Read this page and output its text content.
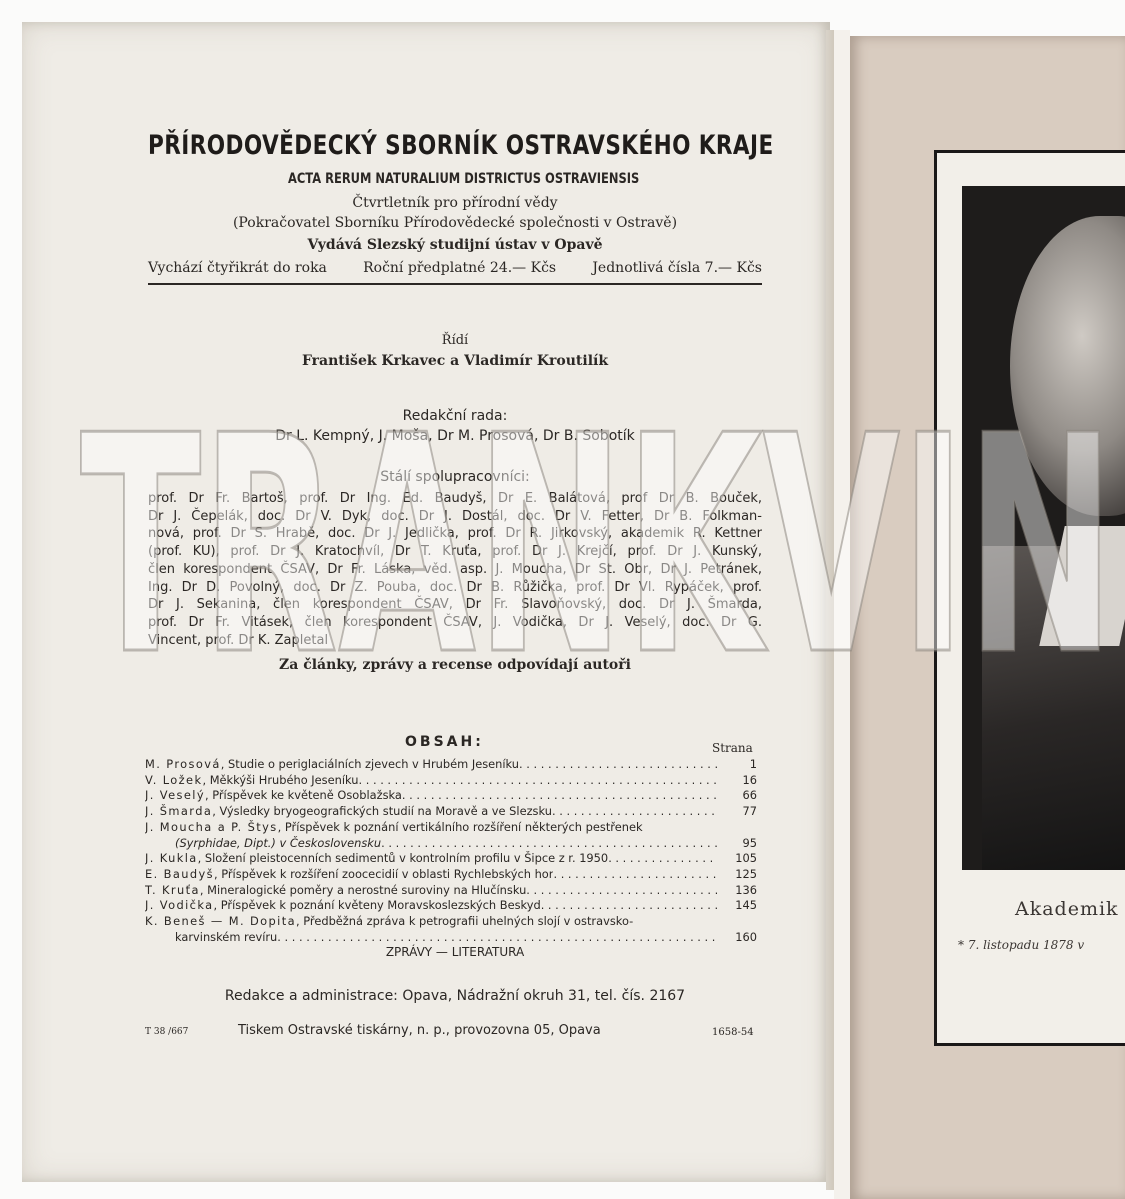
Akademik
* 7. listopadu 1878 v
PŘÍRODOVĚDECKÝ SBORNÍK OSTRAVSKÉHO KRAJE
ACTA RERUM NATURALIUM DISTRICTUS OSTRAVIENSIS
Čtvrtletník pro přírodní vědy
(Pokračovatel Sborníku Přírodovědecké společnosti v Ostravě)
Vydává Slezský studijní ústav v Opavě
Vychází čtyřikrát do roka	Roční předplatné 24.— Kčs	Jednotlivá čísla 7.— Kčs
Řídí
František Krkavec a Vladimír Kroutilík
Redakční rada:
Dr L. Kempný, J. Moša, Dr M. Prosová, Dr B. Sobotík
Stálí spolupracovníci:
prof. Dr Fr. Bartoš, prof. Dr Ing. Ed. Baudyš, Dr E. Balátová, prof Dr B. Bouček,
Dr J. Čepelák, doc. Dr V. Dyk, doc. Dr J. Dostál, doc. Dr V. Fetter, Dr B. Folkman-
nová, prof. Dr S. Hrabě, doc. Dr J. Jedlička, prof. Dr R. Jirkovský, akademik R. Kettner
(prof. KU), prof. Dr J. Kratochvíl, Dr T. Kruťa, prof. Dr J. Krejčí, prof. Dr J. Kunský,
člen korespondent ČSAV, Dr Fr. Láska, věd. asp. J. Moucha, Dr St. Obr, Dr J. Petránek,
Ing. Dr D. Povolný, doc. Dr Z. Pouba, doc. Dr B. Růžička, prof. Dr Vl. Rypáček, prof.
Dr J. Sekanina, člen korespondent ČSAV, Dr Fr. Slavoňovský, doc. Dr J. Šmarda,
prof. Dr Fr. Vitásek, člen korespondent ČSAV, J. Vodička, Dr J. Veselý, doc. Dr G.
Vincent, prof. Dr K. Zapletal
Za články, zprávy a recense odpovídají autoři
OBSAH:	Strana
M. Prosová, Studie o periglaciálních zjevech v Hrubém Jeseníku . . .	1
V. Ložek, Měkkýši Hrubého Jeseníku . . .	16
J. Veselý, Příspěvek ke květeně Osoblažska . . .	66
J. Šmarda, Výsledky bryogeografických studií na Moravě a ve Slezsku . . .	77
J. Moucha a P. Štys, Příspěvek k poznání vertikálního rozšíření některých pestřenek
(Syrphidae, Dipt.) v Československu . . .	95
J. Kukla, Složení pleistocenních sedimentů v kontrolním profilu v Šipce z r. 1950 . . .	105
E. Baudyš, Příspěvek k rozšíření zoocecidií v oblasti Rychlebských hor . . .	125
T. Kruťa, Mineralogické poměry a nerostné suroviny na Hlučínsku . . .	136
J. Vodička, Příspěvek k poznání květeny Moravskoslezských Beskyd . . .	145
K. Beneš — M. Dopita, Předběžná zpráva k petrografii uhelných slojí v ostravsko-
karvinském revíru . . .	160
ZPRÁVY — LITERATURA
Redakce a administrace: Opava, Nádražní okruh 31, tel. čís. 2167
T 38 /667	Tiskem Ostravské tiskárny, n. p., provozovna 05, Opava	1658-54
TRANKVIN
